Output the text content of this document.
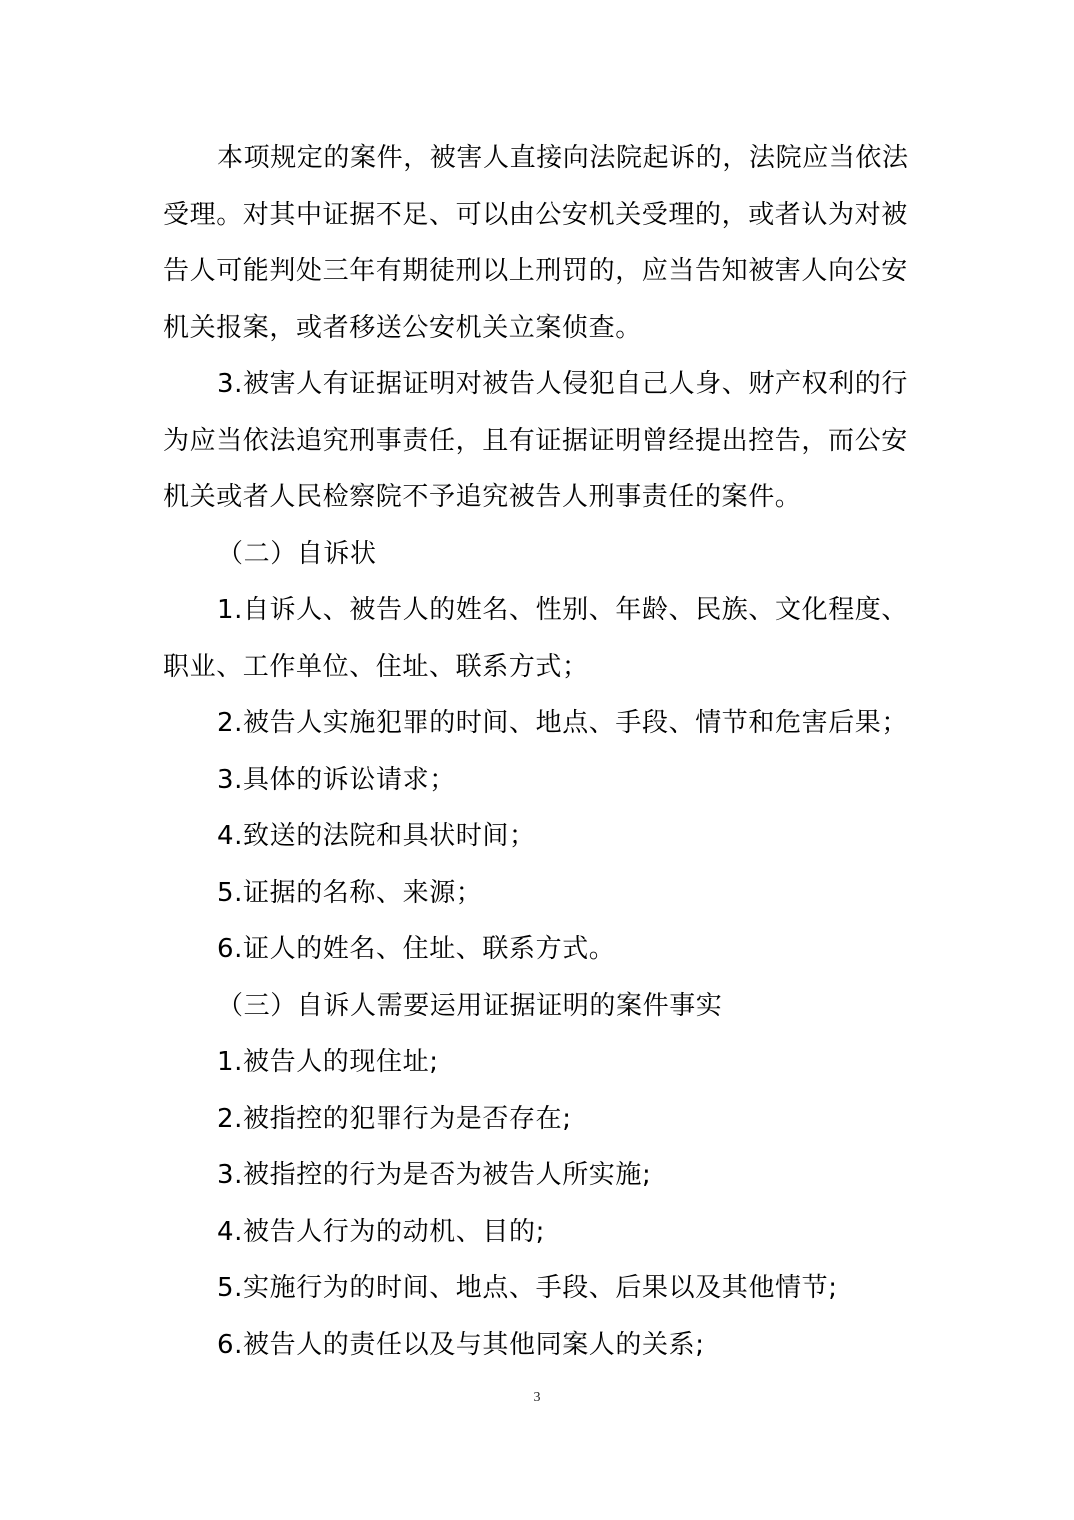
本项规定的案件，被害人直接向法院起诉的，法院应当依法
受理。对其中证据不足、可以由公安机关受理的，或者认为对被
告人可能判处三年有期徒刑以上刑罚的，应当告知被害人向公安
机关报案，或者移送公安机关立案侦查。

3.被害人有证据证明对被告人侵犯自己人身、财产权利的行
为应当依法追究刑事责任，且有证据证明曾经提出控告，而公安
机关或者人民检察院不予追究被告人刑事责任的案件。

（二）自诉状

1.自诉人、被告人的姓名、性别、年龄、民族、文化程度、
职业、工作单位、住址、联系方式；

2.被告人实施犯罪的时间、地点、手段、情节和危害后果；

3.具体的诉讼请求；

4.致送的法院和具状时间；

5.证据的名称、来源；

6.证人的姓名、住址、联系方式。

（三）自诉人需要运用证据证明的案件事实

1.被告人的现住址;

2.被指控的犯罪行为是否存在;

3.被指控的行为是否为被告人所实施;

4.被告人行为的动机、目的;

5.实施行为的时间、地点、手段、后果以及其他情节;

6.被告人的责任以及与其他同案人的关系;

3
